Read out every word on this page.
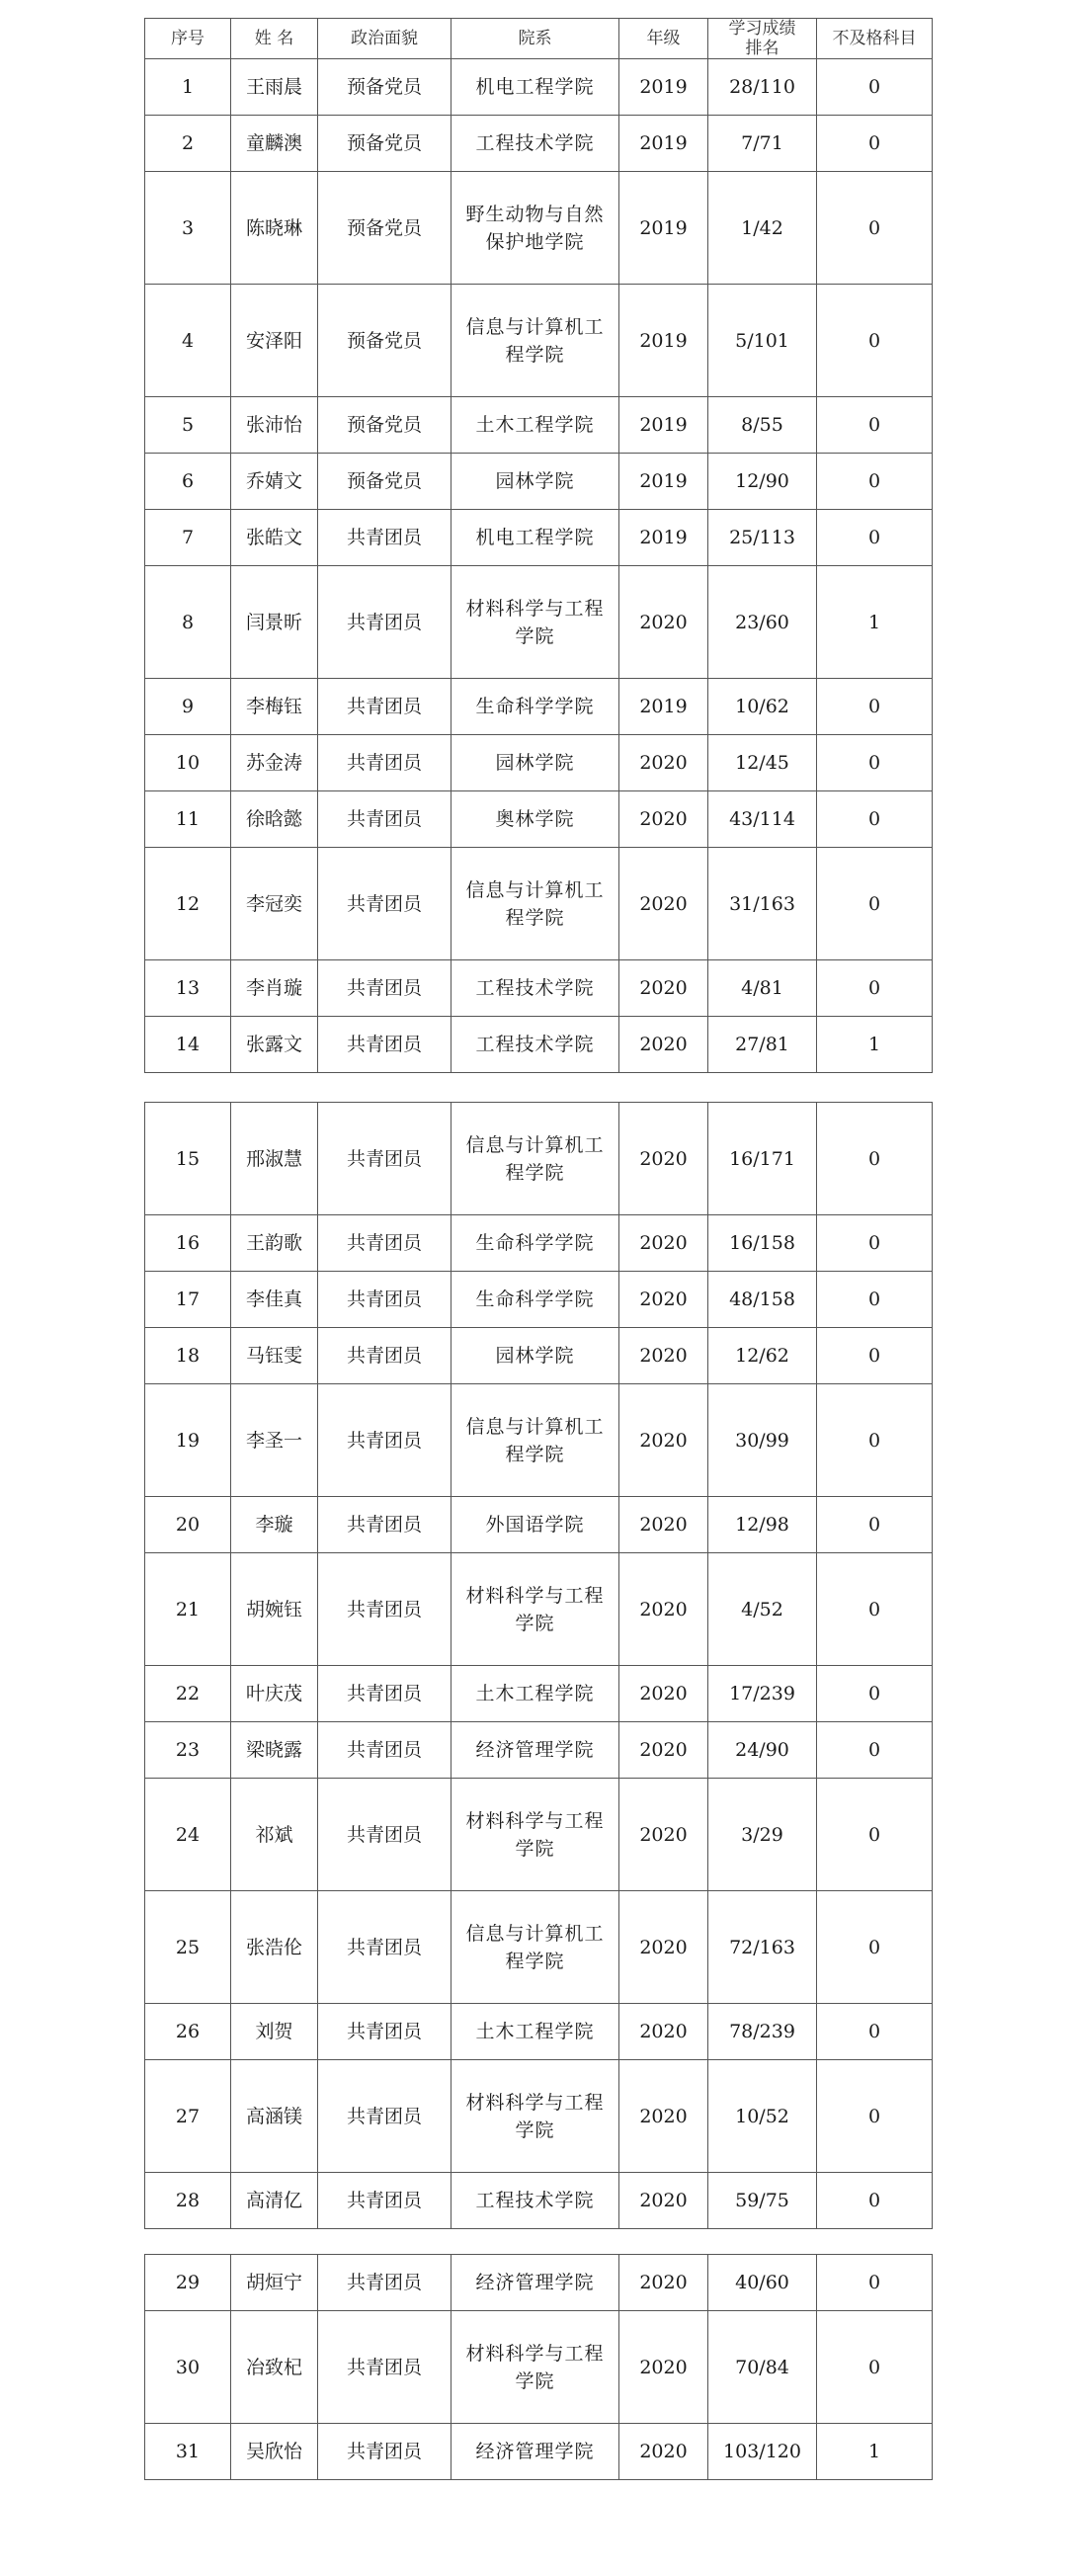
序号	姓 名	政治面貌	院系	年级	学习成绩排名	不及格科目
1	王雨晨	预备党员	机电工程学院	2019	28/110	0
2	童麟澳	预备党员	工程技术学院	2019	7/71	0
3	陈晓琳	预备党员	野生动物与自然保护地学院	2019	1/42	0
4	安泽阳	预备党员	信息与计算机工程学院	2019	5/101	0
5	张沛怡	预备党员	土木工程学院	2019	8/55	0
6	乔婧文	预备党员	园林学院	2019	12/90	0
7	张皓文	共青团员	机电工程学院	2019	25/113	0
8	闫景昕	共青团员	材料科学与工程学院	2020	23/60	1
9	李梅钰	共青团员	生命科学学院	2019	10/62	0
10	苏金涛	共青团员	园林学院	2020	12/45	0
11	徐晗懿	共青团员	奥林学院	2020	43/114	0
12	李冠奕	共青团员	信息与计算机工程学院	2020	31/163	0
13	李肖璇	共青团员	工程技术学院	2020	4/81	0
14	张露文	共青团员	工程技术学院	2020	27/81	1
15	邢淑慧	共青团员	信息与计算机工程学院	2020	16/171	0
16	王韵歌	共青团员	生命科学学院	2020	16/158	0
17	李佳真	共青团员	生命科学学院	2020	48/158	0
18	马钰雯	共青团员	园林学院	2020	12/62	0
19	李圣一	共青团员	信息与计算机工程学院	2020	30/99	0
20	李璇	共青团员	外国语学院	2020	12/98	0
21	胡婉钰	共青团员	材料科学与工程学院	2020	4/52	0
22	叶庆茂	共青团员	土木工程学院	2020	17/239	0
23	梁晓露	共青团员	经济管理学院	2020	24/90	0
24	祁斌	共青团员	材料科学与工程学院	2020	3/29	0
25	张浩伦	共青团员	信息与计算机工程学院	2020	72/163	0
26	刘贺	共青团员	土木工程学院	2020	78/239	0
27	高涵镁	共青团员	材料科学与工程学院	2020	10/52	0
28	高清亿	共青团员	工程技术学院	2020	59/75	0
29	胡烜宁	共青团员	经济管理学院	2020	40/60	0
30	冶致杞	共青团员	材料科学与工程学院	2020	70/84	0
31	吴欣怡	共青团员	经济管理学院	2020	103/120	1
